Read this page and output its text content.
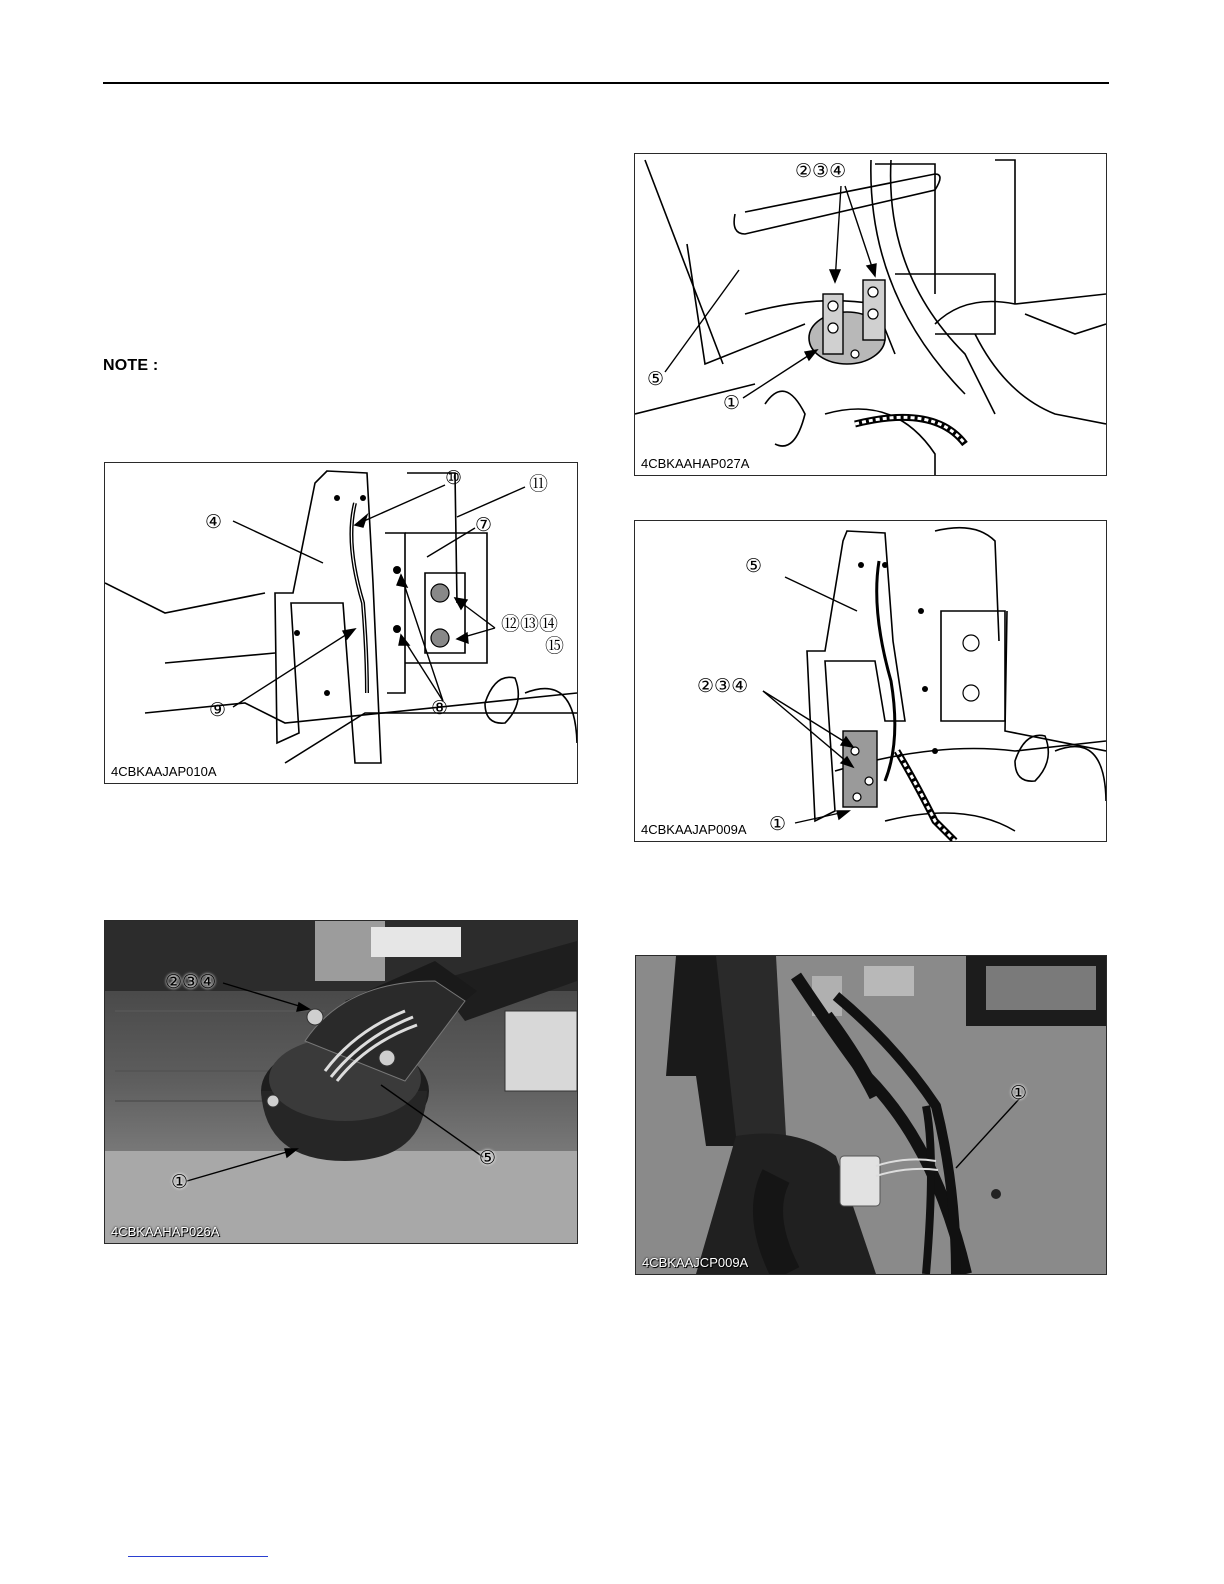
NOTE :
④
⑩	⑪
⑦
⑫⑬⑭
⑮
⑨	⑧
4CBKAAJAP010A
②③④
⑤
①
4CBKAAHAP026A
②③④
⑤
①
4CBKAAHAP027A
⑤
②③④
①
4CBKAAJAP009A
①
4CBKAAJCP009A
